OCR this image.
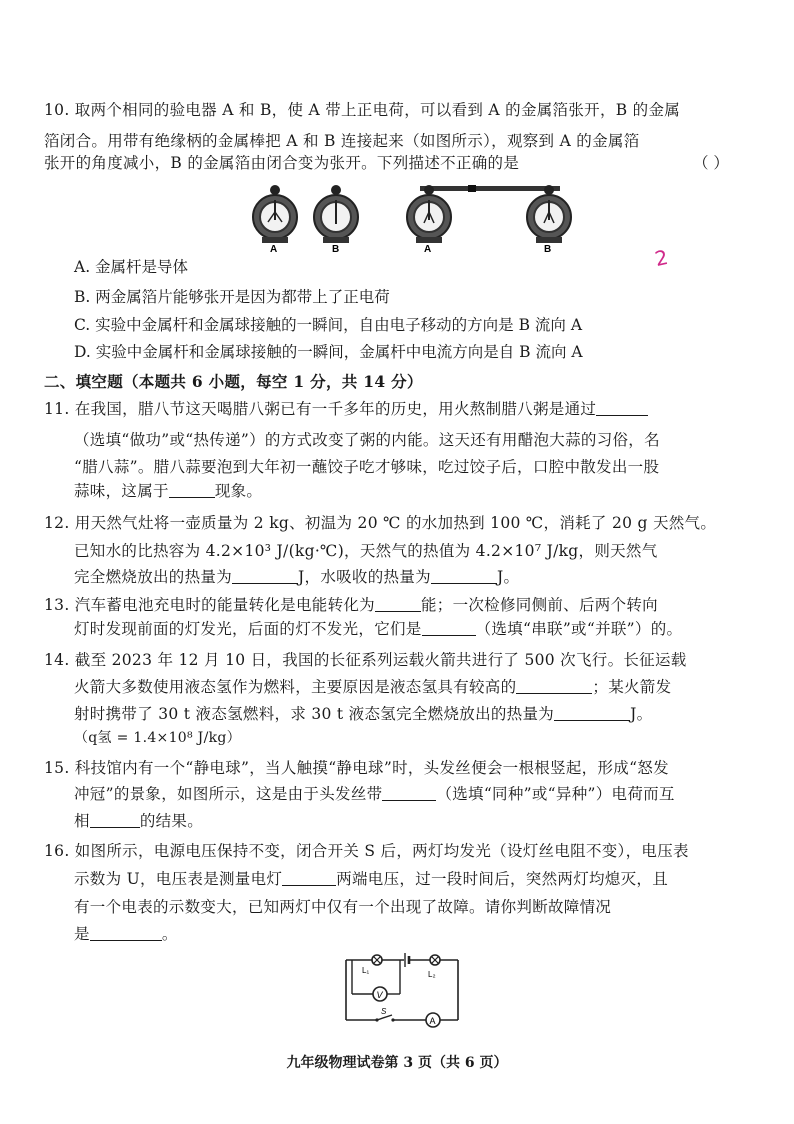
10. 取两个相同的验电器 A 和 B，使 A 带上正电荷，可以看到 A 的金属箔张开，B 的金属
箔闭合。用带有绝缘柄的金属棒把 A 和 B 连接起来（如图所示），观察到 A 的金属箔
张开的角度减小，B 的金属箔由闭合变为张开。下列描述不正确的是	（ ）
A	B	A	B	2
A. 金属杆是导体
B. 两金属箔片能够张开是因为都带上了正电荷
C. 实验中金属杆和金属球接触的一瞬间，自由电子移动的方向是 B 流向 A
D. 实验中金属杆和金属球接触的一瞬间，金属杆中电流方向是自 B 流向 A
二、填空题（本题共 6 小题，每空 1 分，共 14 分）
11. 在我国，腊八节这天喝腊八粥已有一千多年的历史，用火熬制腊八粥是通过
（选填“做功”或“热传递”）的方式改变了粥的内能。这天还有用醋泡大蒜的习俗，名
“腊八蒜”。腊八蒜要泡到大年初一蘸饺子吃才够味，吃过饺子后，口腔中散发出一股
蒜味，这属于	现象。
12. 用天然气灶将一壶质量为 2 kg、初温为 20 ℃ 的水加热到 100 ℃，消耗了 20 g 天然气。
已知水的比热容为 4.2×10³ J/(kg·℃)，天然气的热值为 4.2×10⁷ J/kg，则天然气
完全燃烧放出的热量为	J，水吸收的热量为	J。
13. 汽车蓄电池充电时的能量转化是电能转化为	能；一次检修同侧前、后两个转向
灯时发现前面的灯发光，后面的灯不发光，它们是	（选填“串联”或“并联”）的。
14. 截至 2023 年 12 月 10 日，我国的长征系列运载火箭共进行了 500 次飞行。长征运载
火箭大多数使用液态氢作为燃料，主要原因是液态氢具有较高的	；某火箭发
射时携带了 30 t 液态氢燃料，求 30 t 液态氢完全燃烧放出的热量为	J。
（q氢 = 1.4×10⁸ J/kg）
15. 科技馆内有一个“静电球”，当人触摸“静电球”时，头发丝便会一根根竖起，形成“怒发
冲冠”的景象，如图所示，这是由于头发丝带	（选填“同种”或“异种”）电荷而互
相	的结果。
16. 如图所示，电源电压保持不变，闭合开关 S 后，两灯均发光（设灯丝电阻不变），电压表
示数为 U，电压表是测量电灯	两端电压，过一段时间后，突然两灯均熄灭，且
有一个电表的示数变大，已知两灯中仅有一个出现了故障。请你判断故障情况
是	。
V
A
L₁	L₂
S
九年级物理试卷第 3 页（共 6 页）
